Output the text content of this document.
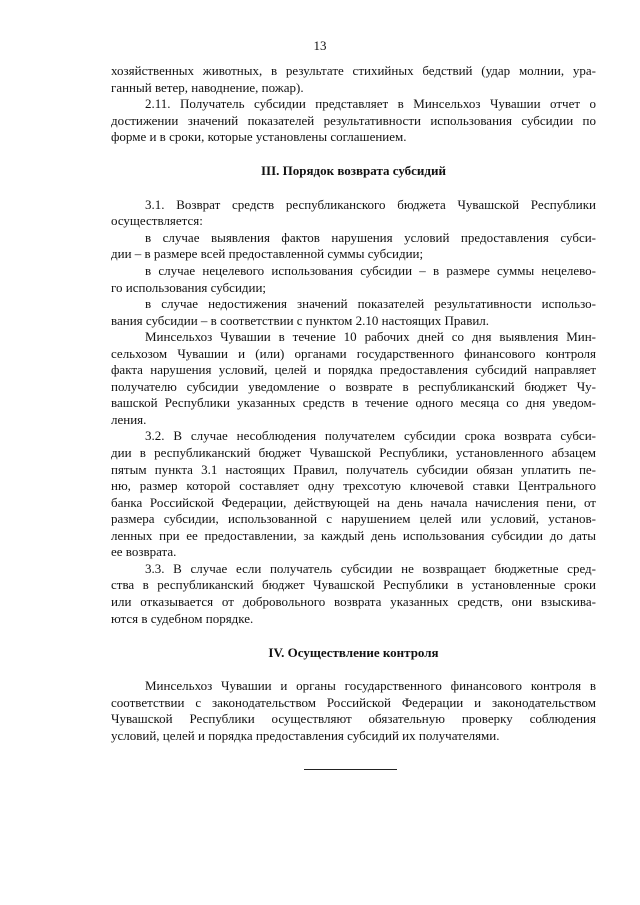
13
хозяйственных животных, в результате стихийных бедствий (удар молнии, ура-
ганный ветер, наводнение, пожар).
2.11. Получатель субсидии представляет в Минсельхоз Чувашии отчет о
достижении значений показателей результативности использования субсидии по
форме и в сроки, которые установлены соглашением.
III. Порядок возврата субсидий
3.1. Возврат средств республиканского бюджета Чувашской Республики
осуществляется:
в случае выявления фактов нарушения условий предоставления субси-
дии – в размере всей предоставленной суммы субсидии;
в случае нецелевого использования субсидии – в размере суммы нецелево-
го использования субсидии;
в случае недостижения значений показателей результативности использо-
вания субсидии – в соответствии с пунктом 2.10 настоящих Правил.
Минсельхоз Чувашии в течение 10 рабочих дней со дня выявления Мин-
сельхозом Чувашии и (или) органами государственного финансового контроля
факта нарушения условий, целей и порядка предоставления субсидий направляет
получателю субсидии уведомление о возврате в республиканский бюджет Чу-
вашской Республики указанных средств в течение одного месяца со дня уведом-
ления.
3.2. В случае несоблюдения получателем субсидии срока возврата субси-
дии в республиканский бюджет Чувашской Республики, установленного абзацем
пятым пункта 3.1 настоящих Правил, получатель субсидии обязан уплатить пе-
ню, размер которой составляет одну трехсотую ключевой ставки Центрального
банка Российской Федерации, действующей на день начала начисления пени, от
размера субсидии, использованной с нарушением целей или условий, установ-
ленных при ее предоставлении, за каждый день использования субсидии до даты
ее возврата.
3.3. В случае если получатель субсидии не возвращает бюджетные сред-
ства в республиканский бюджет Чувашской Республики в установленные сроки
или отказывается от добровольного возврата указанных средств, они взыскива-
ются в судебном порядке.
IV. Осуществление контроля
Минсельхоз Чувашии и органы государственного финансового контроля в
соответствии с законодательством Российской Федерации и законодательством
Чувашской Республики осуществляют обязательную проверку соблюдения
условий, целей и порядка предоставления субсидий их получателями.
